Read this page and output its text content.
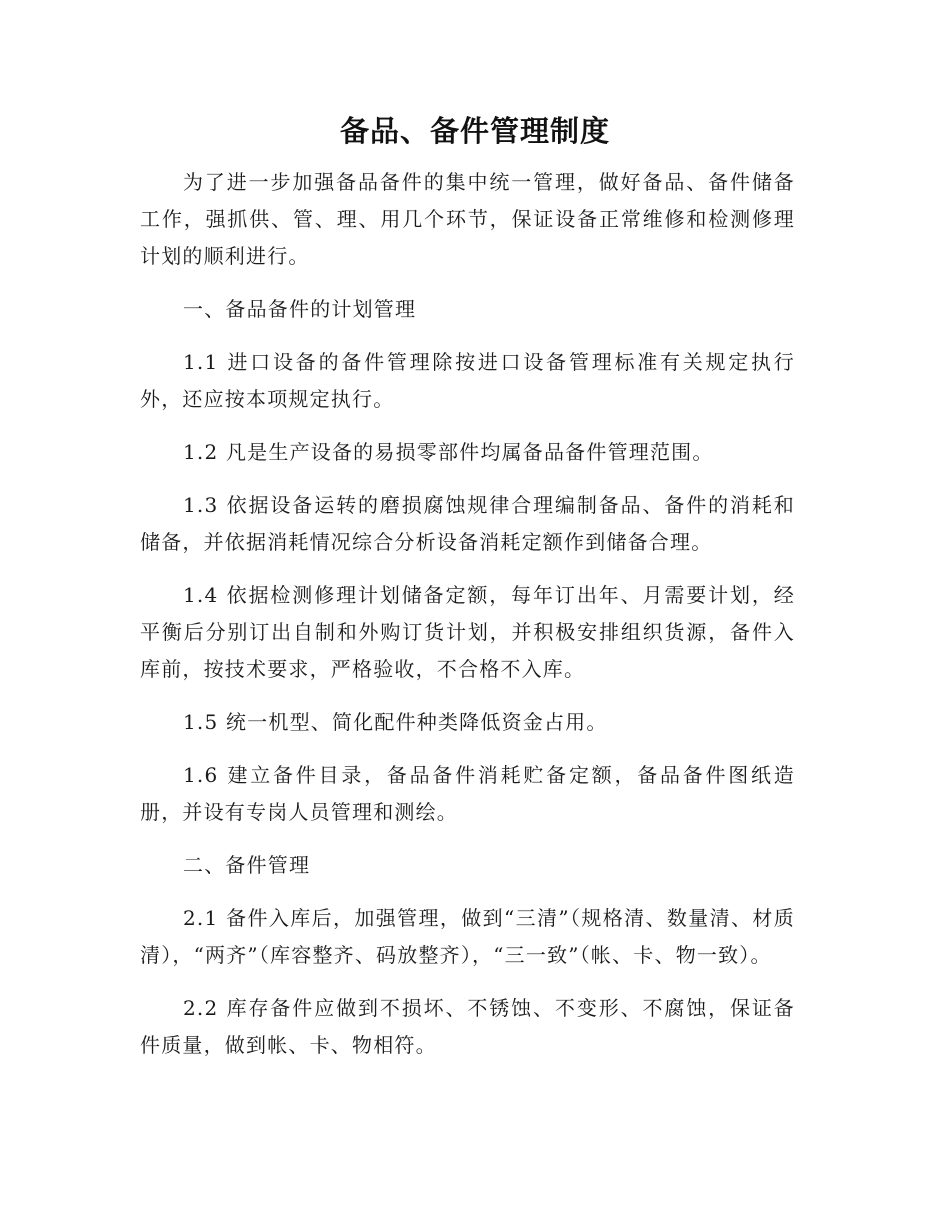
备品、备件管理制度

为了进一步加强备品备件的集中统一管理，做好备品、备件储备工作，强抓供、管、理、用几个环节，保证设备正常维修和检测修理计划的顺利进行。

一、备品备件的计划管理

1.1 进口设备的备件管理除按进口设备管理标准有关规定执行外，还应按本项规定执行。

1.2 凡是生产设备的易损零部件均属备品备件管理范围。

1.3 依据设备运转的磨损腐蚀规律合理编制备品、备件的消耗和储备，并依据消耗情况综合分析设备消耗定额作到储备合理。

1.4 依据检测修理计划储备定额，每年订出年、月需要计划，经平衡后分别订出自制和外购订货计划，并积极安排组织货源，备件入库前，按技术要求，严格验收，不合格不入库。

1.5 统一机型、简化配件种类降低资金占用。

1.6 建立备件目录，备品备件消耗贮备定额，备品备件图纸造册，并设有专岗人员管理和测绘。

二、备件管理

2.1 备件入库后，加强管理，做到“三清”（规格清、数量清、材质清），“两齐”（库容整齐、码放整齐），“三一致”（帐、卡、物一致）。

2.2 库存备件应做到不损坏、不锈蚀、不变形、不腐蚀，保证备件质量，做到帐、卡、物相符。
